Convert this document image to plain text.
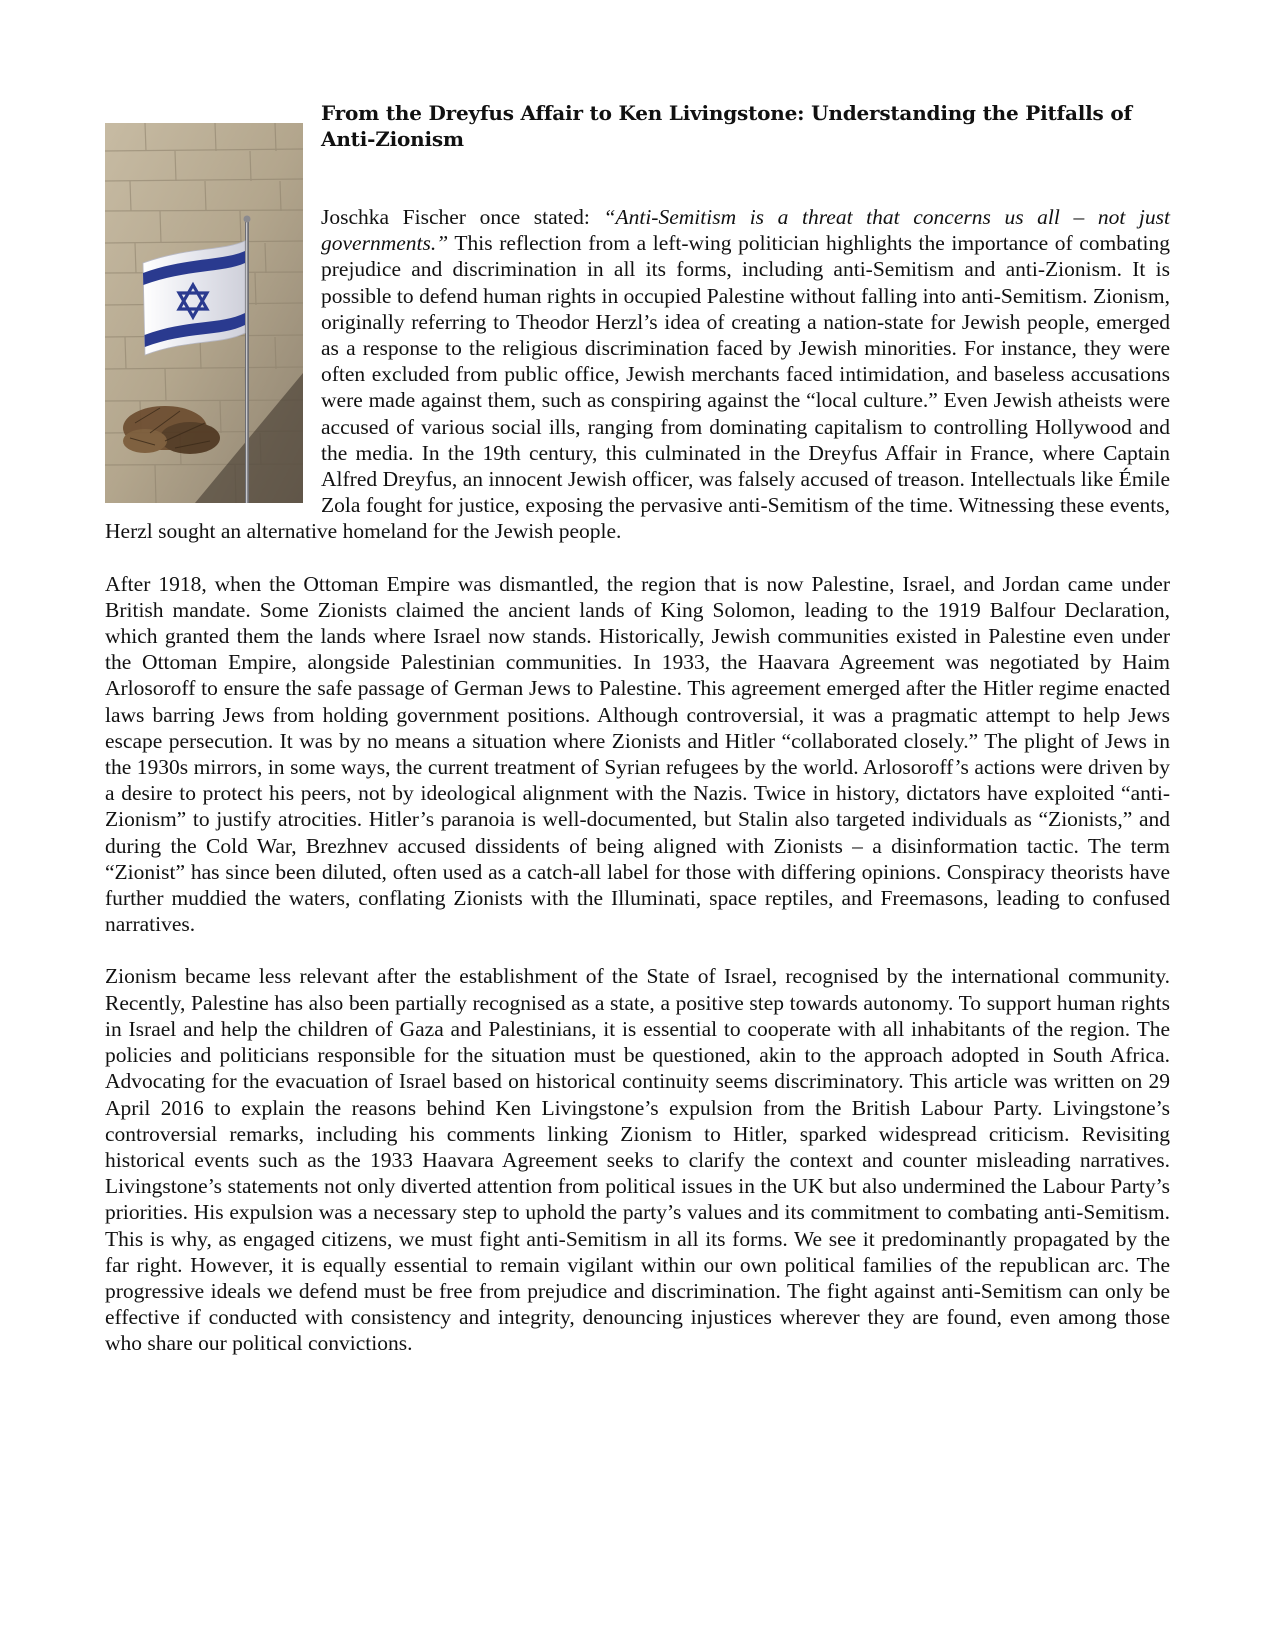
From the Dreyfus Affair to Ken Livingstone: Understanding the Pitfalls of Anti-Zionism

Joschka Fischer once stated: “Anti-Semitism is a threat that concerns us all – not just governments.” This reflection from a left-wing politician highlights the importance of combating prejudice and discrimination in all its forms, including anti-Semitism and anti-Zionism. It is possible to defend human rights in occupied Palestine without falling into anti-Semitism. Zionism, originally referring to Theodor Herzl’s idea of creating a nation-state for Jewish people, emerged as a response to the religious discrimination faced by Jewish minorities. For instance, they were often excluded from public office, Jewish merchants faced intimidation, and baseless accusations were made against them, such as conspiring against the “local culture.” Even Jewish atheists were accused of various social ills, ranging from dominating capitalism to controlling Hollywood and the media. In the 19th century, this culminated in the Dreyfus Affair in France, where Captain Alfred Dreyfus, an innocent Jewish officer, was falsely accused of treason. Intellectuals like Émile Zola fought for justice, exposing the pervasive anti-Semitism of the time. Witnessing these events, Herzl sought an alternative homeland for the Jewish people.

After 1918, when the Ottoman Empire was dismantled, the region that is now Palestine, Israel, and Jordan came under British mandate. Some Zionists claimed the ancient lands of King Solomon, leading to the 1919 Balfour Declaration, which granted them the lands where Israel now stands. Historically, Jewish communities existed in Palestine even under the Ottoman Empire, alongside Palestinian communities. In 1933, the Haavara Agreement was negotiated by Haim Arlosoroff to ensure the safe passage of German Jews to Palestine. This agreement emerged after the Hitler regime enacted laws barring Jews from holding government positions. Although controversial, it was a pragmatic attempt to help Jews escape persecution. It was by no means a situation where Zionists and Hitler “collaborated closely.” The plight of Jews in the 1930s mirrors, in some ways, the current treatment of Syrian refugees by the world. Arlosoroff’s actions were driven by a desire to protect his peers, not by ideological alignment with the Nazis. Twice in history, dictators have exploited “anti-Zionism” to justify atrocities. Hitler’s paranoia is well-documented, but Stalin also targeted individuals as “Zionists,” and during the Cold War, Brezhnev accused dissidents of being aligned with Zionists – a disinformation tactic. The term “Zionist” has since been diluted, often used as a catch-all label for those with differing opinions. Conspiracy theorists have further muddied the waters, conflating Zionists with the Illuminati, space reptiles, and Freemasons, leading to confused narratives.

Zionism became less relevant after the establishment of the State of Israel, recognised by the international community. Recently, Palestine has also been partially recognised as a state, a positive step towards autonomy. To support human rights in Israel and help the children of Gaza and Palestinians, it is essential to cooperate with all inhabitants of the region. The policies and politicians responsible for the situation must be questioned, akin to the approach adopted in South Africa. Advocating for the evacuation of Israel based on historical continuity seems discriminatory. This article was written on 29 April 2016 to explain the reasons behind Ken Livingstone’s expulsion from the British Labour Party. Livingstone’s controversial remarks, including his comments linking Zionism to Hitler, sparked widespread criticism. Revisiting historical events such as the 1933 Haavara Agreement seeks to clarify the context and counter misleading narratives. Livingstone’s statements not only diverted attention from political issues in the UK but also undermined the Labour Party’s priorities. His expulsion was a necessary step to uphold the party’s values and its commitment to combating anti-Semitism. This is why, as engaged citizens, we must fight anti-Semitism in all its forms. We see it predominantly propagated by the far right. However, it is equally essential to remain vigilant within our own political families of the republican arc. The progressive ideals we defend must be free from prejudice and discrimination. The fight against anti-Semitism can only be effective if conducted with consistency and integrity, denouncing injustices wherever they are found, even among those who share our political convictions.
